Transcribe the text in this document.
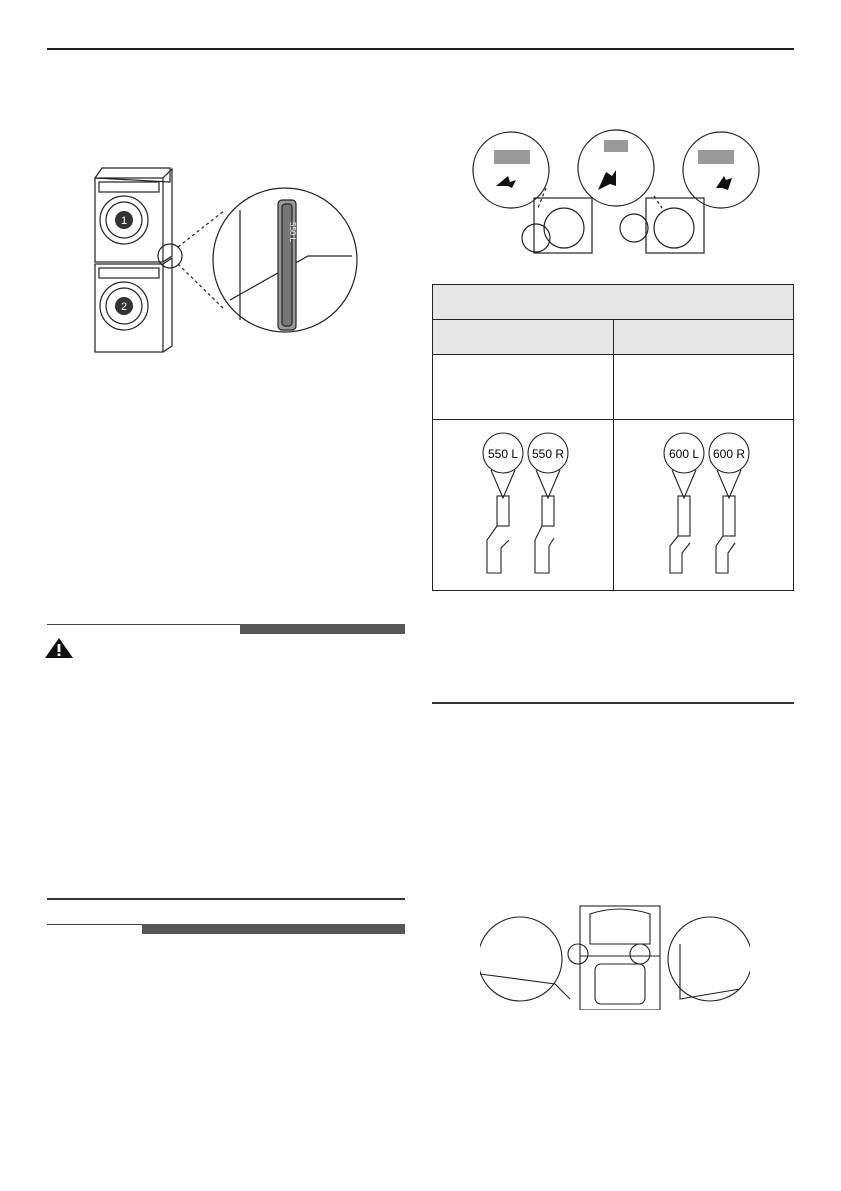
1
2
550 L

550 L 550 R	600 L 600 R
